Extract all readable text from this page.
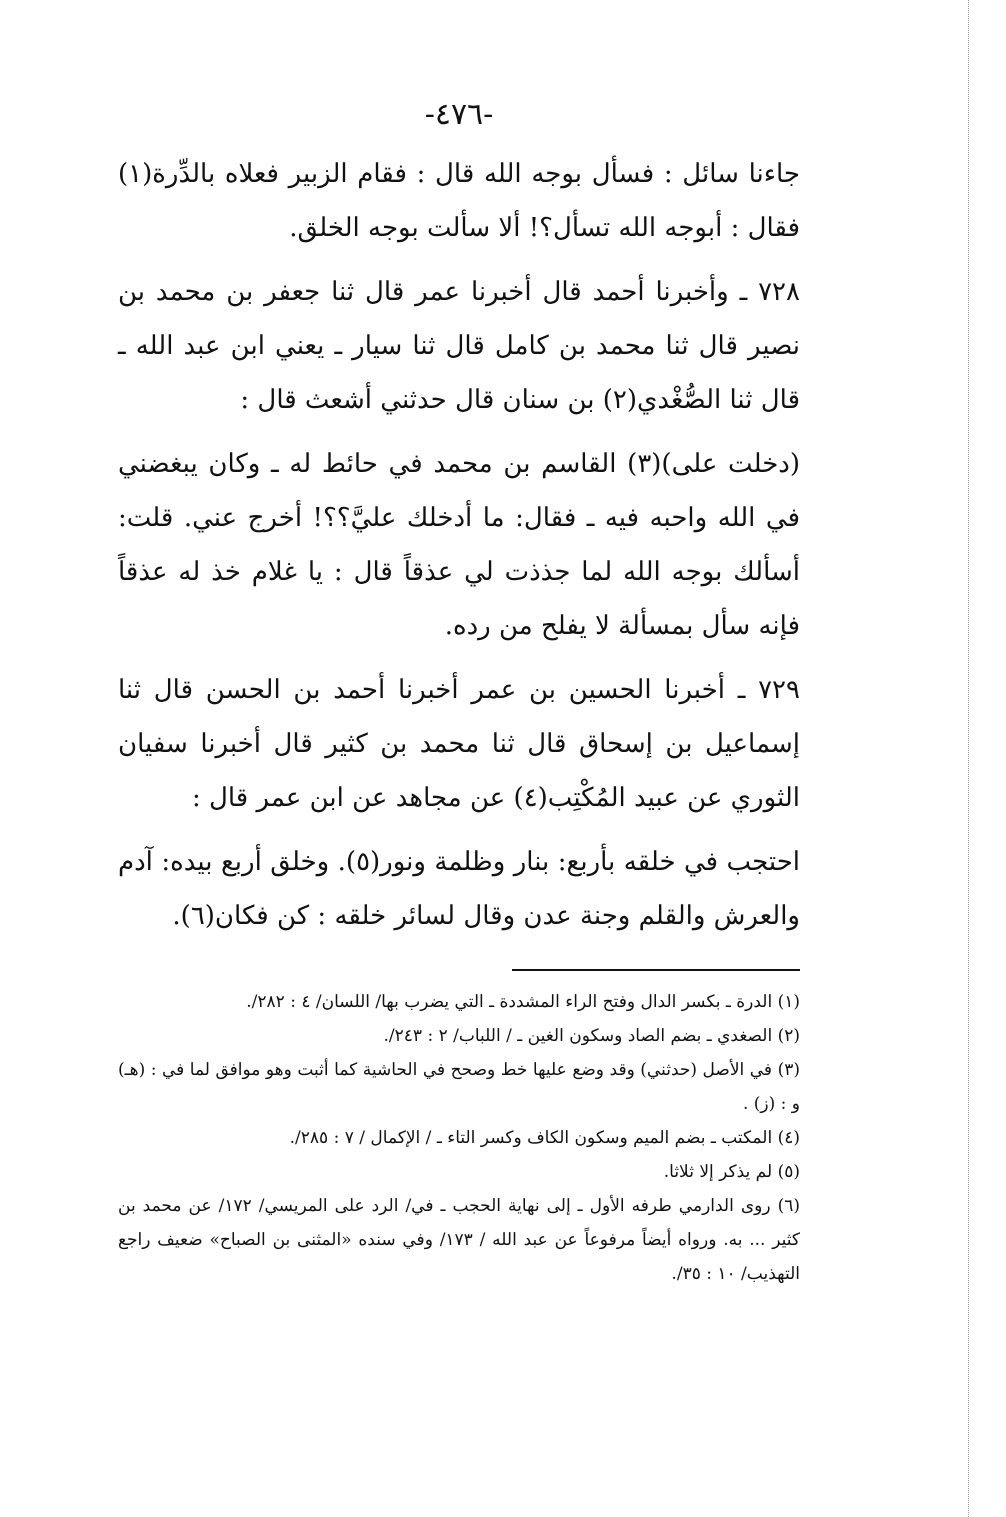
-٤٧٦-

جاءنا سائل : فسأل بوجه الله قال : فقام الزبير فعلاه بالدِّرة(١) فقال : أبوجه الله تسأل؟! ألا سألت بوجه الخلق.

٧٢٨ ـ وأخبرنا أحمد قال أخبرنا عمر قال ثنا جعفر بن محمد بن نصير قال ثنا محمد بن كامل قال ثنا سيار ـ يعني ابن عبد الله ـ قال ثنا الصُّغْدي(٢) بن سنان قال حدثني أشعث قال :

(دخلت على)(٣) القاسم بن محمد في حائط له ـ وكان يبغضني في الله واحبه فيه ـ فقال: ما أدخلك عليَّ؟؟! أخرج عني. قلت: أسألك بوجه الله لما جذذت لي عذقاً قال : يا غلام خذ له عذقاً فإنه سأل بمسألة لا يفلح من رده.

٧٢٩ ـ أخبرنا الحسين بن عمر أخبرنا أحمد بن الحسن قال ثنا إسماعيل بن إسحاق قال ثنا محمد بن كثير قال أخبرنا سفيان الثوري عن عبيد المُكْتِب(٤) عن مجاهد عن ابن عمر قال :

احتجب في خلقه بأربع: بنار وظلمة ونور(٥). وخلق أربع بيده: آدم والعرش والقلم وجنة عدن وقال لسائر خلقه : كن فكان(٦).

(١) الدرة ـ بكسر الدال وفتح الراء المشددة ـ التي يضرب بها/ اللسان/ ٤ : ٢٨٢/.

(٢) الصغدي ـ بضم الصاد وسكون الغين ـ / اللباب/ ٢ : ٢٤٣/.

(٣) في الأصل (حدثني) وقد وضع عليها خط وصحح في الحاشية كما أثبت وهو موافق لما في : (هـ) و : (ز) .

(٤) المكتب ـ بضم الميم وسكون الكاف وكسر التاء ـ / الإكمال / ٧ : ٢٨٥/.

(٥) لم يذكر إلا ثلاثا.

(٦) روى الدارمي طرفه الأول ـ إلى نهاية الحجب ـ في/ الرد على المريسي/ ١٧٢/ عن محمد بن كثير ... به. ورواه أيضاً مرفوعاً عن عبد الله / ١٧٣/ وفي سنده «المثنى بن الصباح» ضعيف راجع التهذيب/ ١٠ : ٣٥/.
